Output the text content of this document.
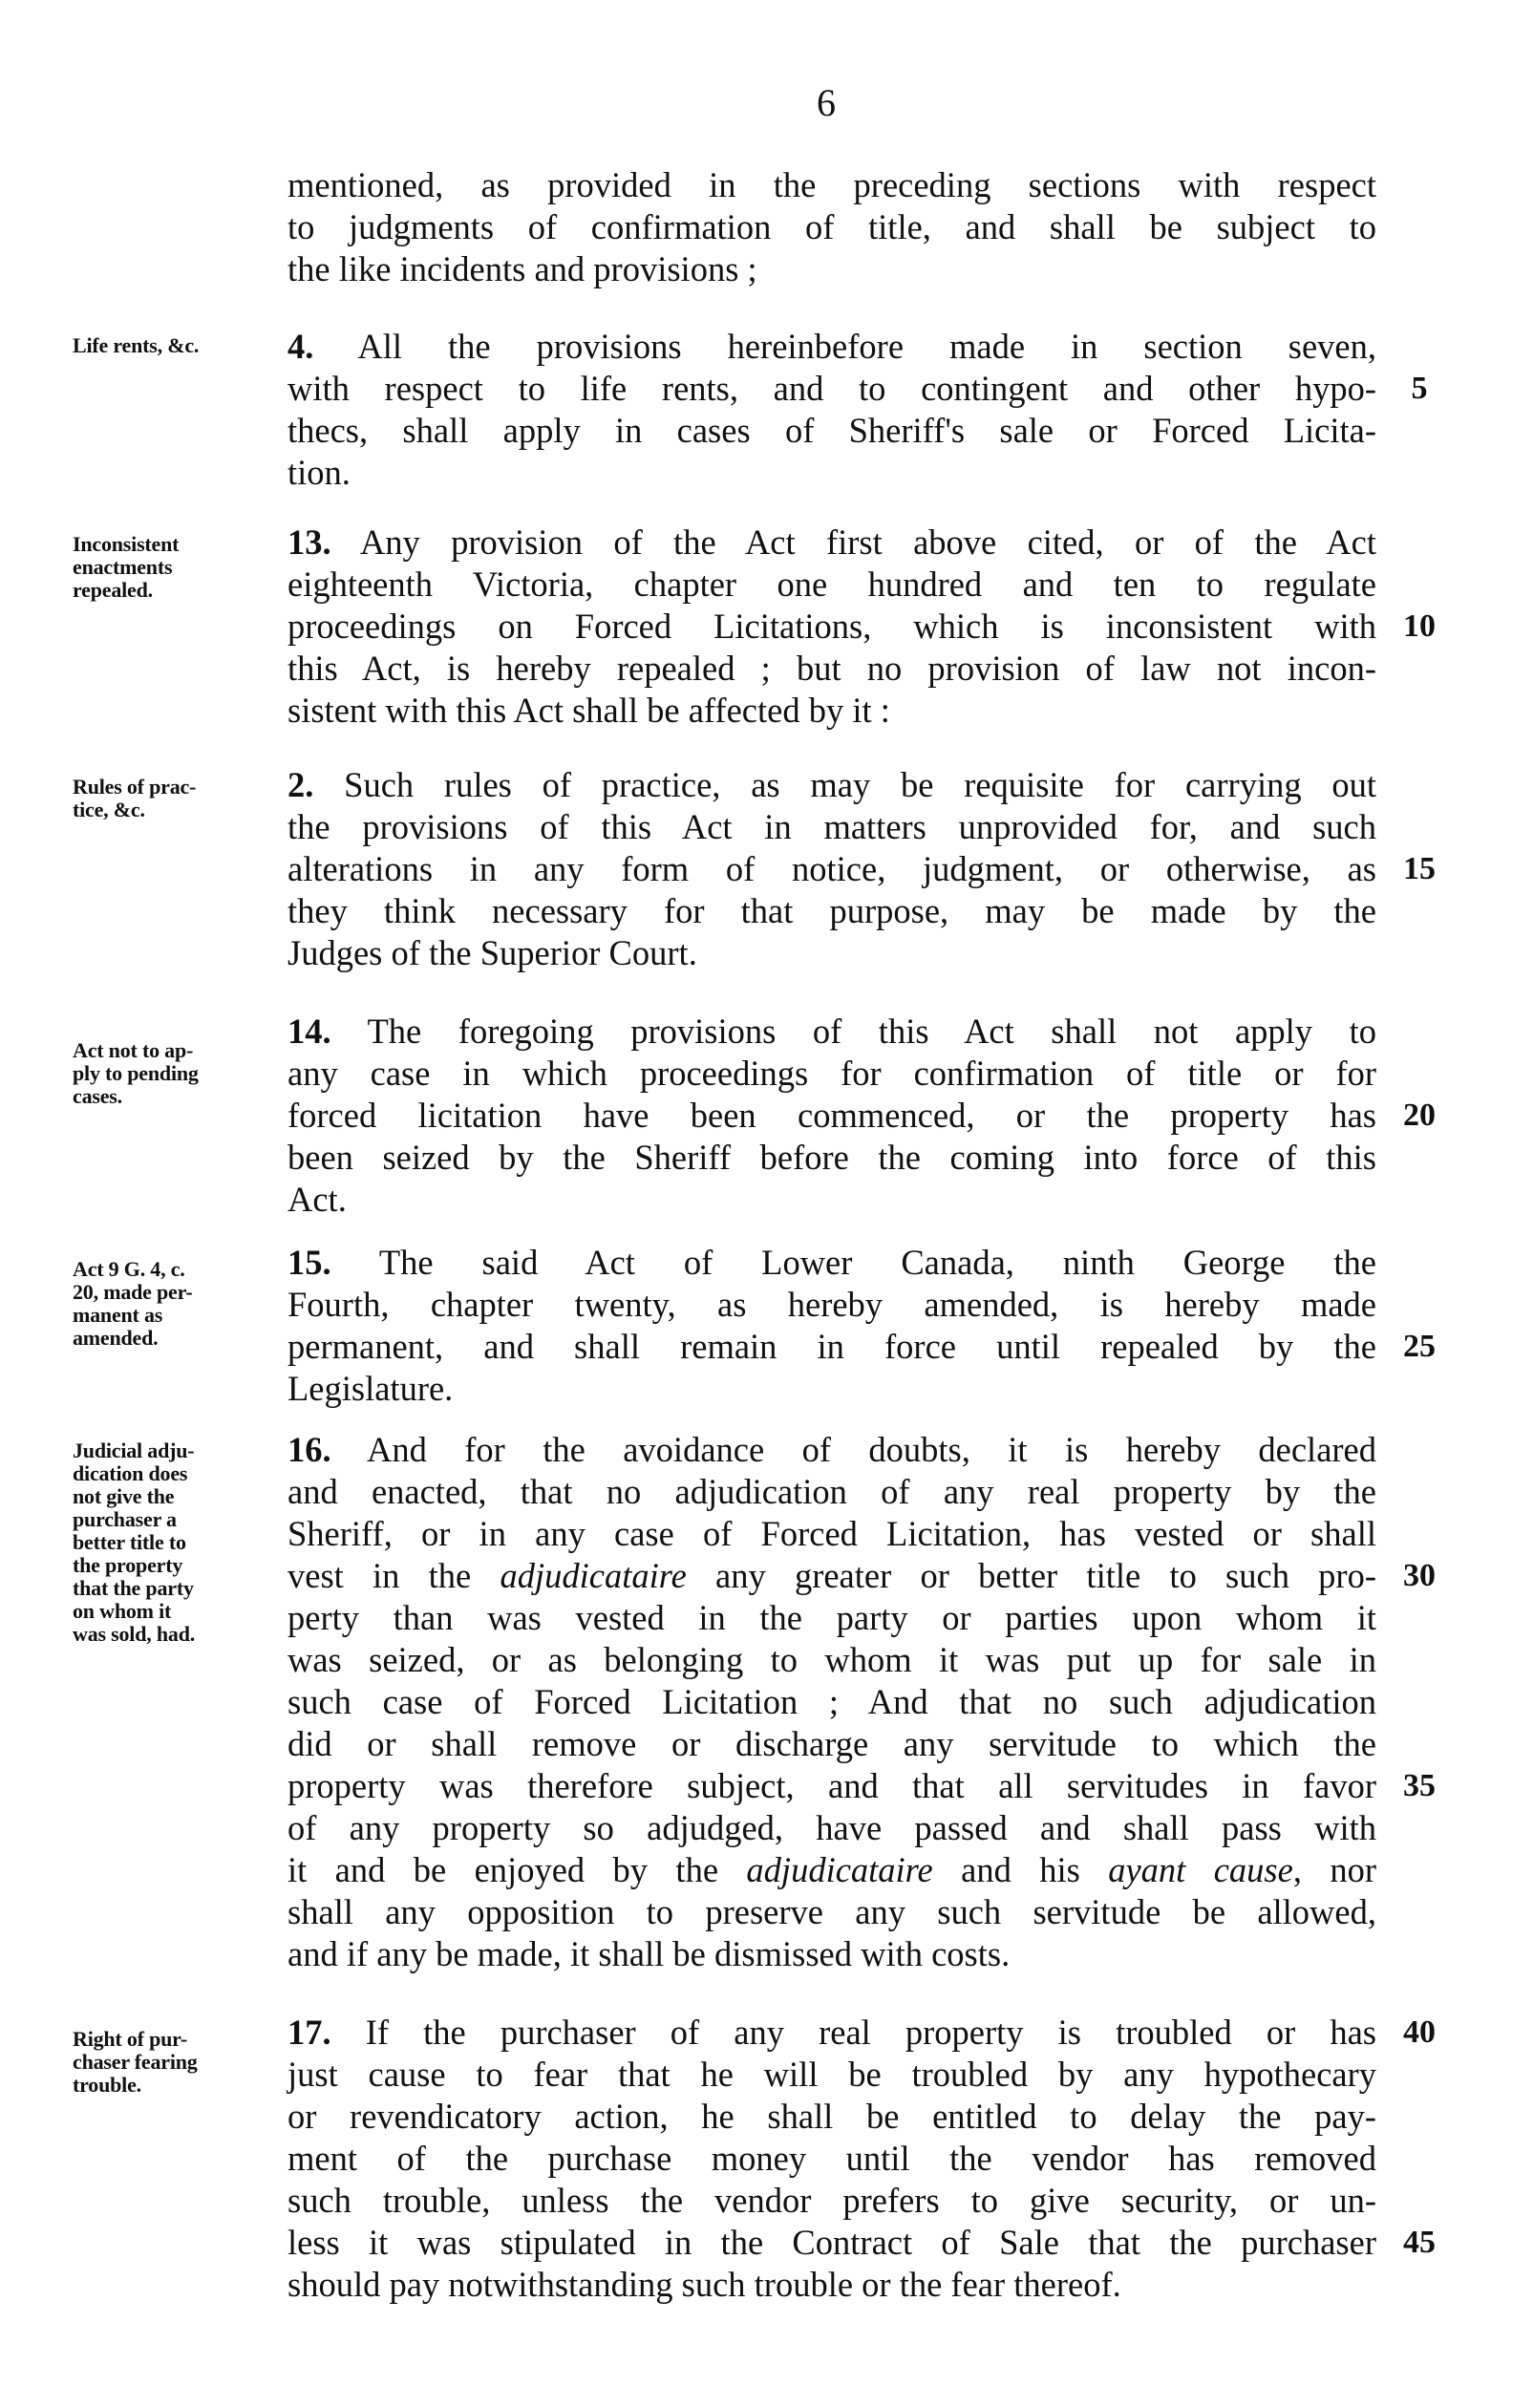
6
mentioned, as provided in the preceding sections with respect
to judgments of confirmation of title, and shall be subject to
the like incidents and provisions ;
Life rents, &c.	4. All the provisions hereinbefore made in section seven,
with respect to life rents, and to contingent and other hypo-
thecs, shall apply in cases of Sheriff's sale or Forced Licita-
tion.
Inconsistent
enactments
repealed.
13. Any provision of the Act first above cited, or of the Act
eighteenth Victoria, chapter one hundred and ten to regulate
proceedings on Forced Licitations, which is inconsistent with
this Act, is hereby repealed ; but no provision of law not incon-
sistent with this Act shall be affected by it :
Rules of prac-
tice, &c.
2. Such rules of practice, as may be requisite for carrying out
the provisions of this Act in matters unprovided for, and such
alterations in any form of notice, judgment, or otherwise, as
they think necessary for that purpose, may be made by the
Judges of the Superior Court.
Act not to ap-
ply to pending
cases.
14. The foregoing provisions of this Act shall not apply to
any case in which proceedings for confirmation of title or for
forced licitation have been commenced, or the property has
been seized by the Sheriff before the coming into force of this
Act.
Act 9 G. 4, c.
20, made per-
manent as
amended.
15. The said Act of Lower Canada, ninth George the
Fourth, chapter twenty, as hereby amended, is hereby made
permanent, and shall remain in force until repealed by the
Legislature.
Judicial adju-
dication does
not give the
purchaser a
better title to
the property
that the party
on whom it
was sold, had.
16. And for the avoidance of doubts, it is hereby declared
and enacted, that no adjudication of any real property by the
Sheriff, or in any case of Forced Licitation, has vested or shall
vest in the adjudicataire any greater or better title to such pro-
perty than was vested in the party or parties upon whom it
was seized, or as belonging to whom it was put up for sale in
such case of Forced Licitation ; And that no such adjudication
did or shall remove or discharge any servitude to which the
property was therefore subject, and that all servitudes in favor
of any property so adjudged, have passed and shall pass with
it and be enjoyed by the adjudicataire and his ayant cause, nor
shall any opposition to preserve any such servitude be allowed,
and if any be made, it shall be dismissed with costs.
Right of pur-
chaser fearing
trouble.
17. If the purchaser of any real property is troubled or has
just cause to fear that he will be troubled by any hypothecary
or revendicatory action, he shall be entitled to delay the pay-
ment of the purchase money until the vendor has removed
such trouble, unless the vendor prefers to give security, or un-
less it was stipulated in the Contract of Sale that the purchaser
should pay notwithstanding such trouble or the fear thereof.
5
10
15
20
25
30
35
40
45
